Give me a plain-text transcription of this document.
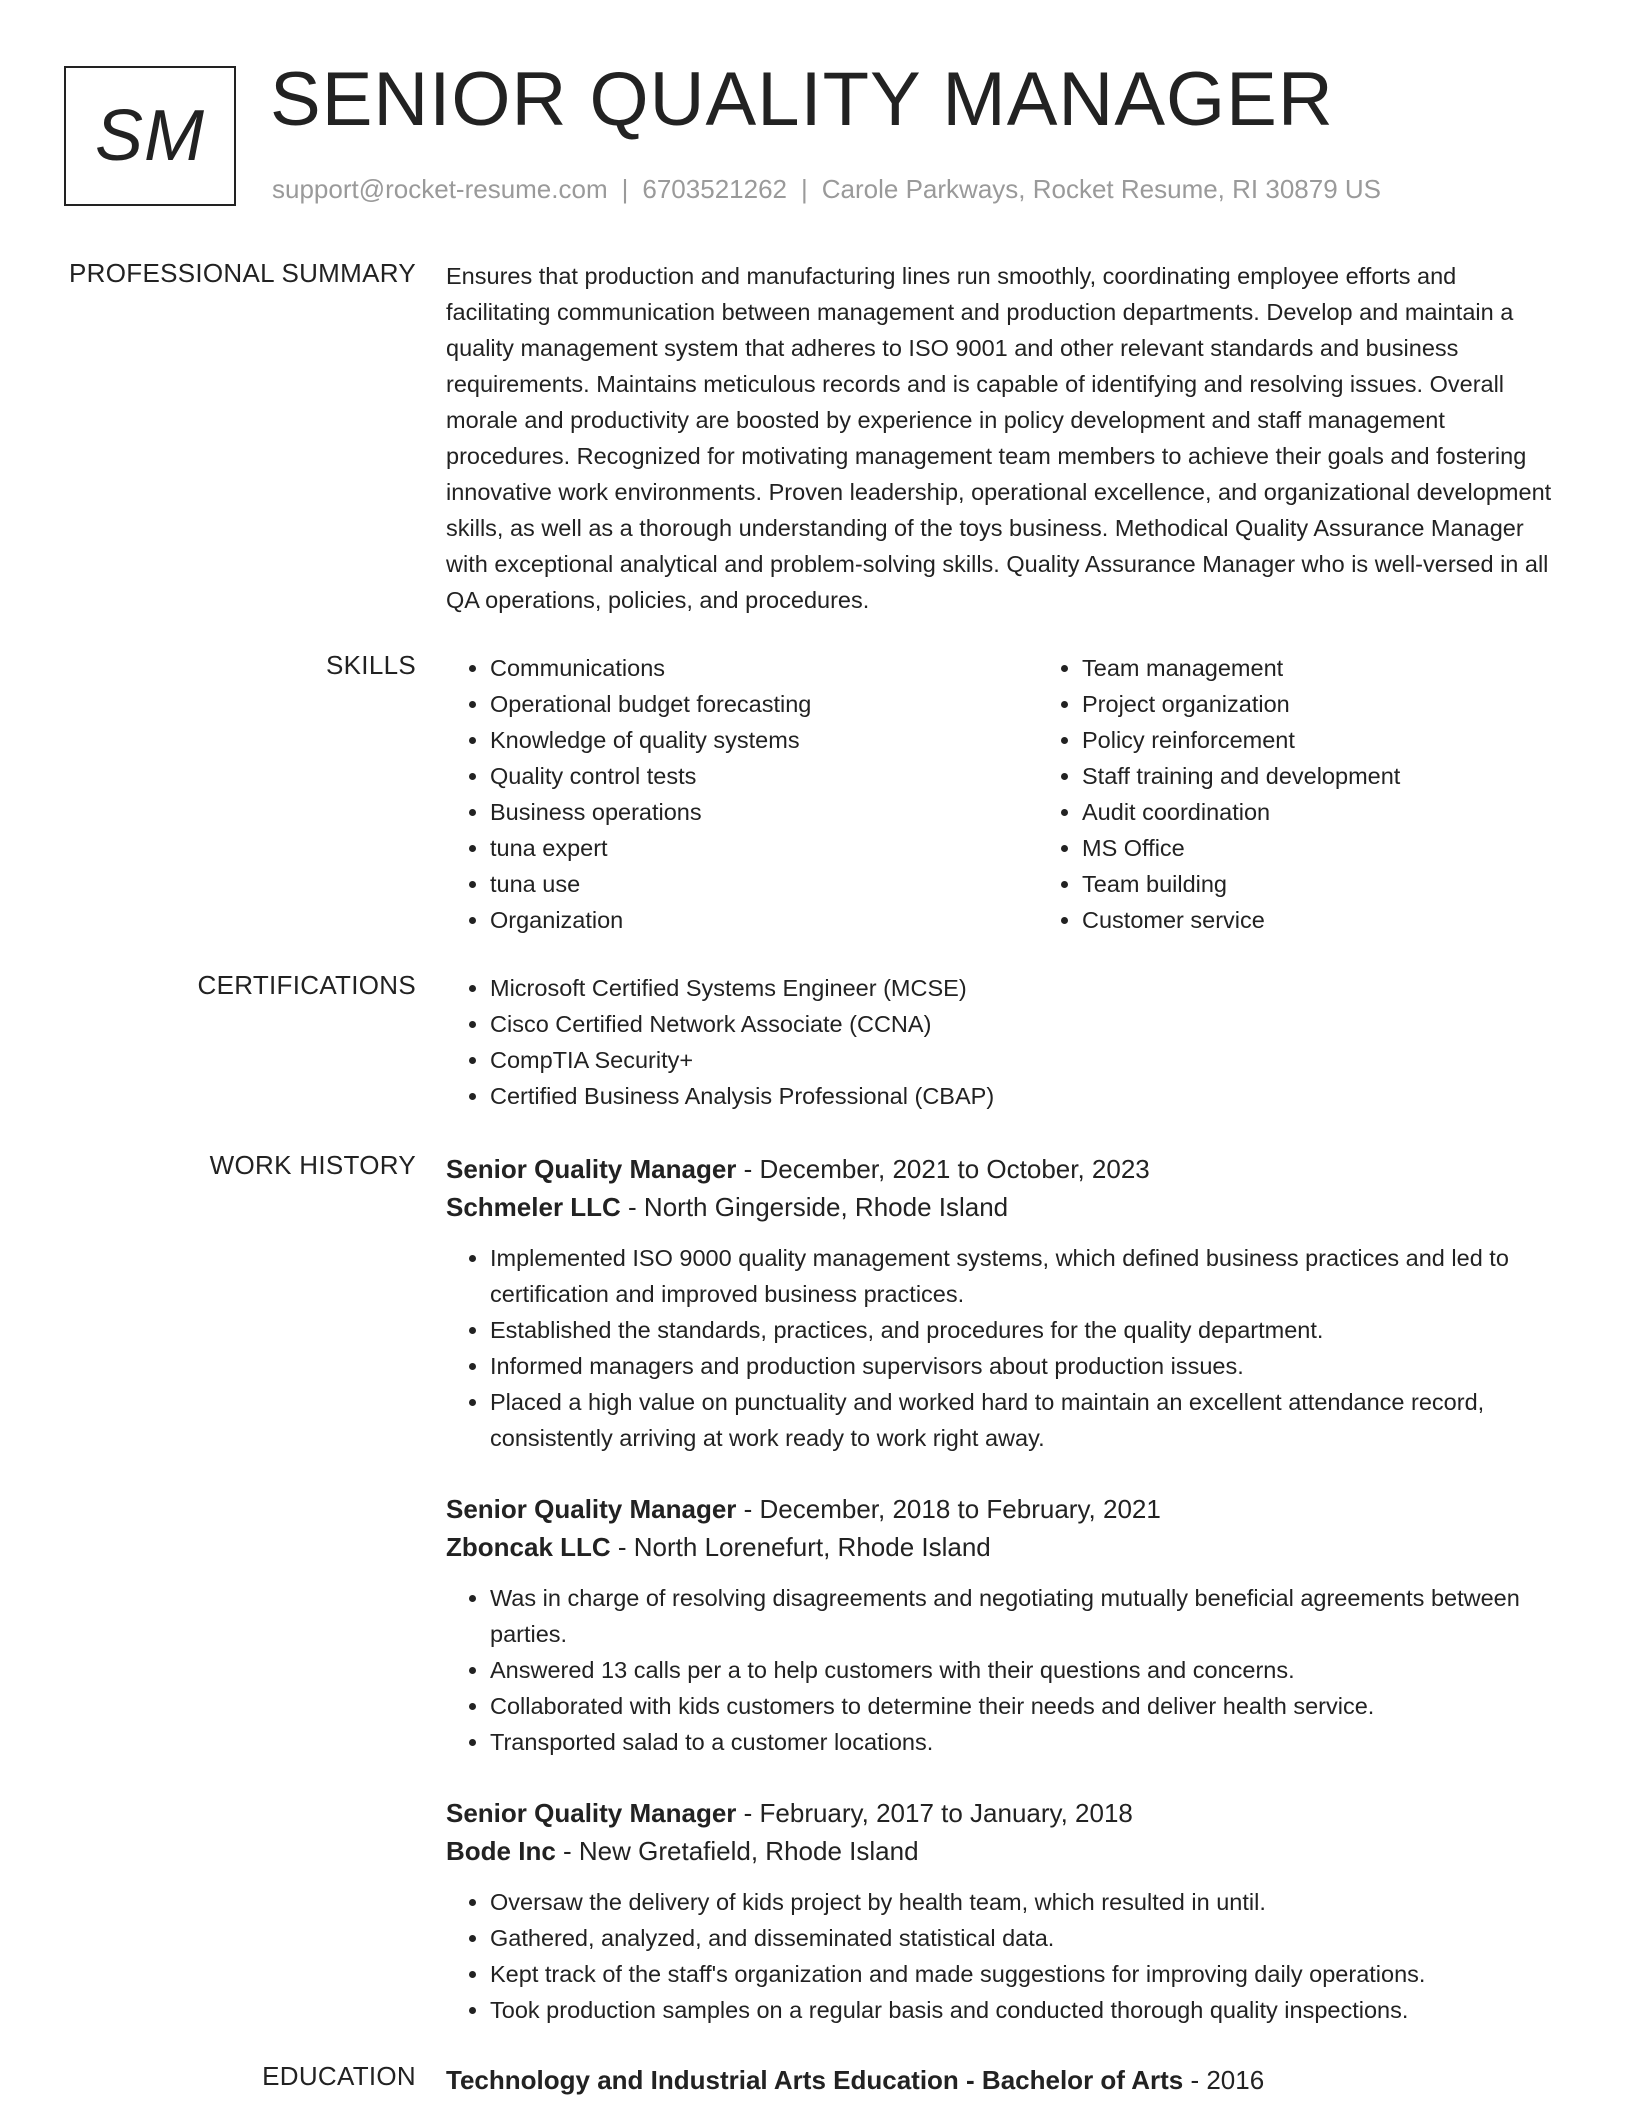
SM SENIOR QUALITY MANAGER
support@rocket-resume.com | 6703521262 | Carole Parkways, Rocket Resume, RI 30879 US
PROFESSIONAL SUMMARY Ensures that production and manufacturing lines run smoothly, coordinating employee efforts and facilitating communication between management and production departments. Develop and maintain a quality management system that adheres to ISO 9001 and other relevant standards and business requirements. Maintains meticulous records and is capable of identifying and resolving issues. Overall morale and productivity are boosted by experience in policy development and staff management procedures. Recognized for motivating management team members to achieve their goals and fostering innovative work environments. Proven leadership, operational excellence, and organizational development skills, as well as a thorough understanding of the toys business. Methodical Quality Assurance Manager with exceptional analytical and problem-solving skills. Quality Assurance Manager who is well-versed in all QA operations, policies, and procedures.

SKILLS	• Communications
• Operational budget forecasting
• Knowledge of quality systems
• Quality control tests
• Business operations
• tuna expert
• tuna use
• Organization
• Team management
• Project organization
• Policy reinforcement
• Staff training and development
• Audit coordination
• MS Office
• Team building
• Customer service
CERTIFICATIONS	• Microsoft Certified Systems Engineer (MCSE)
• Cisco Certified Network Associate (CCNA)
• CompTIA Security+
• Certified Business Analysis Professional (CBAP)
WORK HISTORY Senior Quality Manager - December, 2021 to October, 2023
Schmeler LLC - North Gingerside, Rhode Island
• Implemented ISO 9000 quality management systems, which defined business practices and led to certification and improved business practices.
• Established the standards, practices, and procedures for the quality department.
• Informed managers and production supervisors about production issues.
• Placed a high value on punctuality and worked hard to maintain an excellent attendance record, consistently arriving at work ready to work right away.
Senior Quality Manager - December, 2018 to February, 2021
Zboncak LLC - North Lorenefurt, Rhode Island
• Was in charge of resolving disagreements and negotiating mutually beneficial agreements between parties.
• Answered 13 calls per a to help customers with their questions and concerns.
• Collaborated with kids customers to determine their needs and deliver health service.
• Transported salad to a customer locations.
Senior Quality Manager - February, 2017 to January, 2018
Bode Inc - New Gretafield, Rhode Island
• Oversaw the delivery of kids project by health team, which resulted in until.
• Gathered, analyzed, and disseminated statistical data.
• Kept track of the staff's organization and made suggestions for improving daily operations.
• Took production samples on a regular basis and conducted thorough quality inspections.
EDUCATION Technology and Industrial Arts Education - Bachelor of Arts - 2016
